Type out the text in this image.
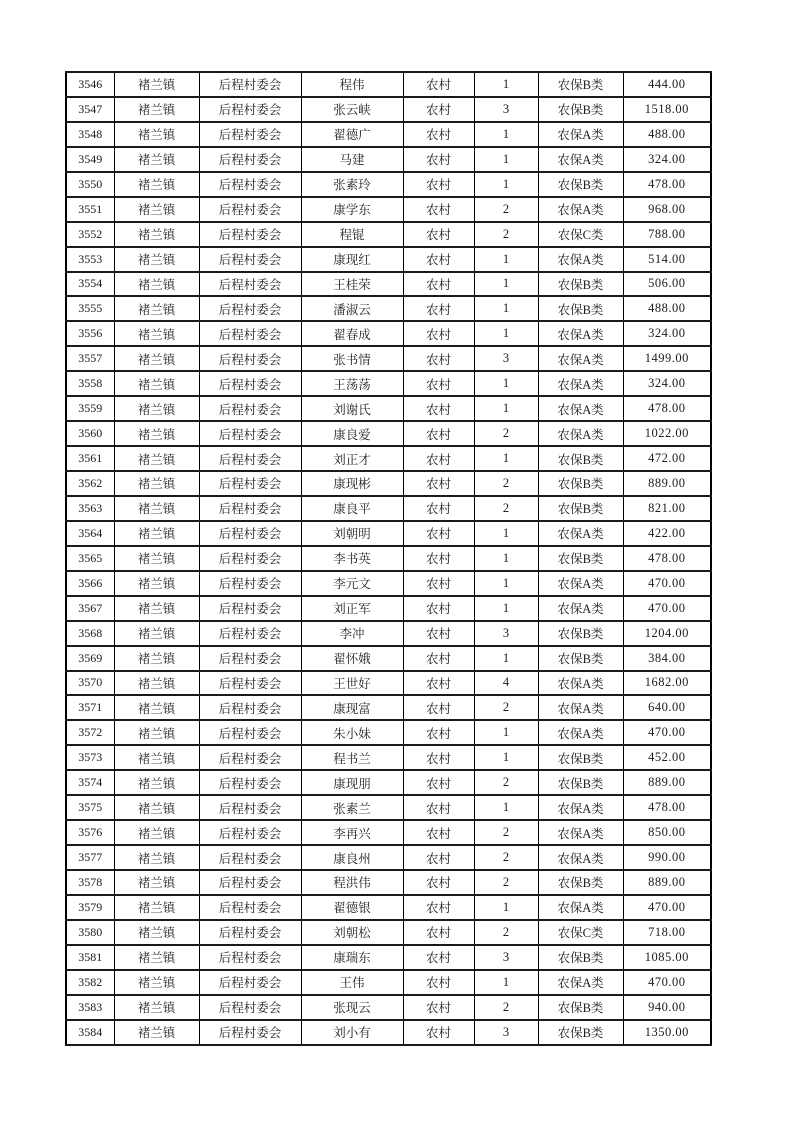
3546	褚兰镇	后程村委会	程伟	农村	1	农保B类	444.00
3547	褚兰镇	后程村委会	张云峡	农村	3	农保B类	1518.00
3548	褚兰镇	后程村委会	翟德广	农村	1	农保A类	488.00
3549	褚兰镇	后程村委会	马建	农村	1	农保A类	324.00
3550	褚兰镇	后程村委会	张素玲	农村	1	农保B类	478.00
3551	褚兰镇	后程村委会	康学东	农村	2	农保A类	968.00
3552	褚兰镇	后程村委会	程锟	农村	2	农保C类	788.00
3553	褚兰镇	后程村委会	康现红	农村	1	农保A类	514.00
3554	褚兰镇	后程村委会	王桂荣	农村	1	农保B类	506.00
3555	褚兰镇	后程村委会	潘淑云	农村	1	农保B类	488.00
3556	褚兰镇	后程村委会	翟春成	农村	1	农保A类	324.00
3557	褚兰镇	后程村委会	张书情	农村	3	农保A类	1499.00
3558	褚兰镇	后程村委会	王荡荡	农村	1	农保A类	324.00
3559	褚兰镇	后程村委会	刘谢氏	农村	1	农保A类	478.00
3560	褚兰镇	后程村委会	康良爱	农村	2	农保A类	1022.00
3561	褚兰镇	后程村委会	刘正才	农村	1	农保B类	472.00
3562	褚兰镇	后程村委会	康现彬	农村	2	农保B类	889.00
3563	褚兰镇	后程村委会	康良平	农村	2	农保B类	821.00
3564	褚兰镇	后程村委会	刘朝明	农村	1	农保A类	422.00
3565	褚兰镇	后程村委会	李书英	农村	1	农保B类	478.00
3566	褚兰镇	后程村委会	李元文	农村	1	农保A类	470.00
3567	褚兰镇	后程村委会	刘正军	农村	1	农保A类	470.00
3568	褚兰镇	后程村委会	李冲	农村	3	农保B类	1204.00
3569	褚兰镇	后程村委会	翟怀娥	农村	1	农保B类	384.00
3570	褚兰镇	后程村委会	王世好	农村	4	农保A类	1682.00
3571	褚兰镇	后程村委会	康现富	农村	2	农保A类	640.00
3572	褚兰镇	后程村委会	朱小妹	农村	1	农保A类	470.00
3573	褚兰镇	后程村委会	程书兰	农村	1	农保B类	452.00
3574	褚兰镇	后程村委会	康现朋	农村	2	农保B类	889.00
3575	褚兰镇	后程村委会	张素兰	农村	1	农保A类	478.00
3576	褚兰镇	后程村委会	李再兴	农村	2	农保A类	850.00
3577	褚兰镇	后程村委会	康良州	农村	2	农保A类	990.00
3578	褚兰镇	后程村委会	程洪伟	农村	2	农保B类	889.00
3579	褚兰镇	后程村委会	翟德银	农村	1	农保A类	470.00
3580	褚兰镇	后程村委会	刘朝松	农村	2	农保C类	718.00
3581	褚兰镇	后程村委会	康瑞东	农村	3	农保B类	1085.00
3582	褚兰镇	后程村委会	王伟	农村	1	农保A类	470.00
3583	褚兰镇	后程村委会	张现云	农村	2	农保B类	940.00
3584	褚兰镇	后程村委会	刘小有	农村	3	农保B类	1350.00
